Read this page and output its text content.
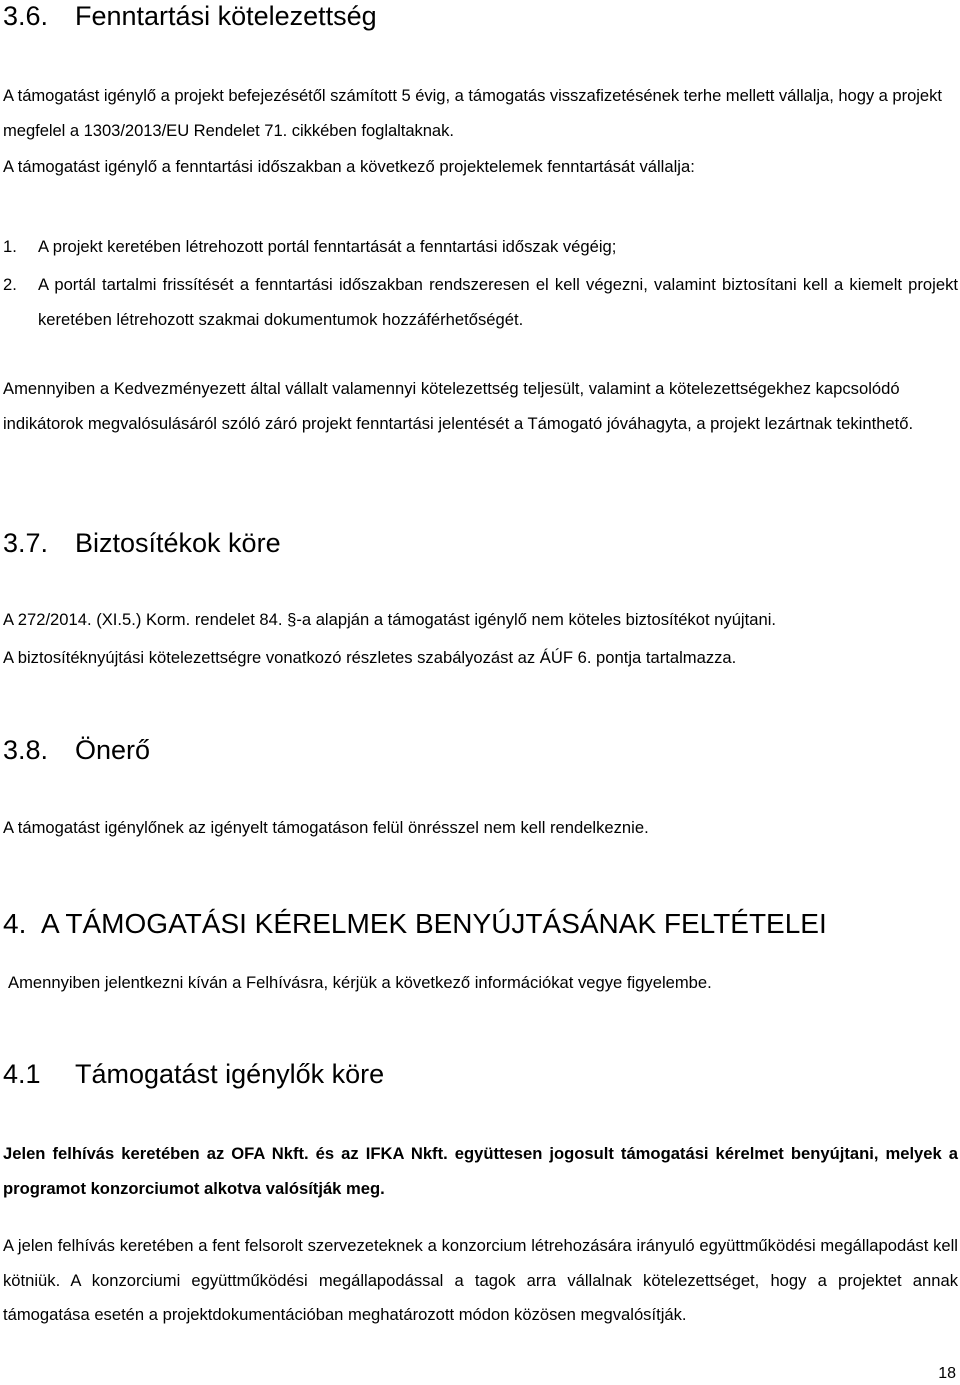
3.6. Fenntartási kötelezettség
A támogatást igénylő a projekt befejezésétől számított 5 évig, a támogatás visszafizetésének terhe mellett vállalja, hogy a projekt megfelel a 1303/2013/EU Rendelet 71. cikkében foglaltaknak.
A támogatást igénylő a fenntartási időszakban a következő projektelemek fenntartását vállalja:
1. A projekt keretében létrehozott portál fenntartását a fenntartási időszak végéig;
2. A portál tartalmi frissítését a fenntartási időszakban rendszeresen el kell végezni, valamint biztosítani kell a kiemelt projekt keretében létrehozott szakmai dokumentumok hozzáférhetőségét.
Amennyiben a Kedvezményezett által vállalt valamennyi kötelezettség teljesült, valamint a kötelezettségekhez kapcsolódó indikátorok megvalósulásáról szóló záró projekt fenntartási jelentését a Támogató jóváhagyta, a projekt lezártnak tekinthető.
3.7. Biztosítékok köre
A 272/2014. (XI.5.) Korm. rendelet 84. §-a alapján a támogatást igénylő nem köteles biztosítékot nyújtani.
A biztosítéknyújtási kötelezettségre vonatkozó részletes szabályozást az ÁÚF 6. pontja tartalmazza.
3.8. Önerő
A támogatást igénylőnek az igényelt támogatáson felül önrésszel nem kell rendelkeznie.
4. A TÁMOGATÁSI KÉRELMEK BENYÚJTÁSÁNAK FELTÉTELEI
Amennyiben jelentkezni kíván a Felhívásra, kérjük a következő információkat vegye figyelembe.
4.1 Támogatást igénylők köre
Jelen felhívás keretében az OFA Nkft. és az IFKA Nkft. együttesen jogosult támogatási kérelmet benyújtani, melyek a programot konzorciumot alkotva valósítják meg.
A jelen felhívás keretében a fent felsorolt szervezeteknek a konzorcium létrehozására irányuló együttműködési megállapodást kell kötniük. A konzorciumi együttműködési megállapodással a tagok arra vállalnak kötelezettséget, hogy a projektet annak támogatása esetén a projektdokumentációban meghatározott módon közösen megvalósítják.
18
